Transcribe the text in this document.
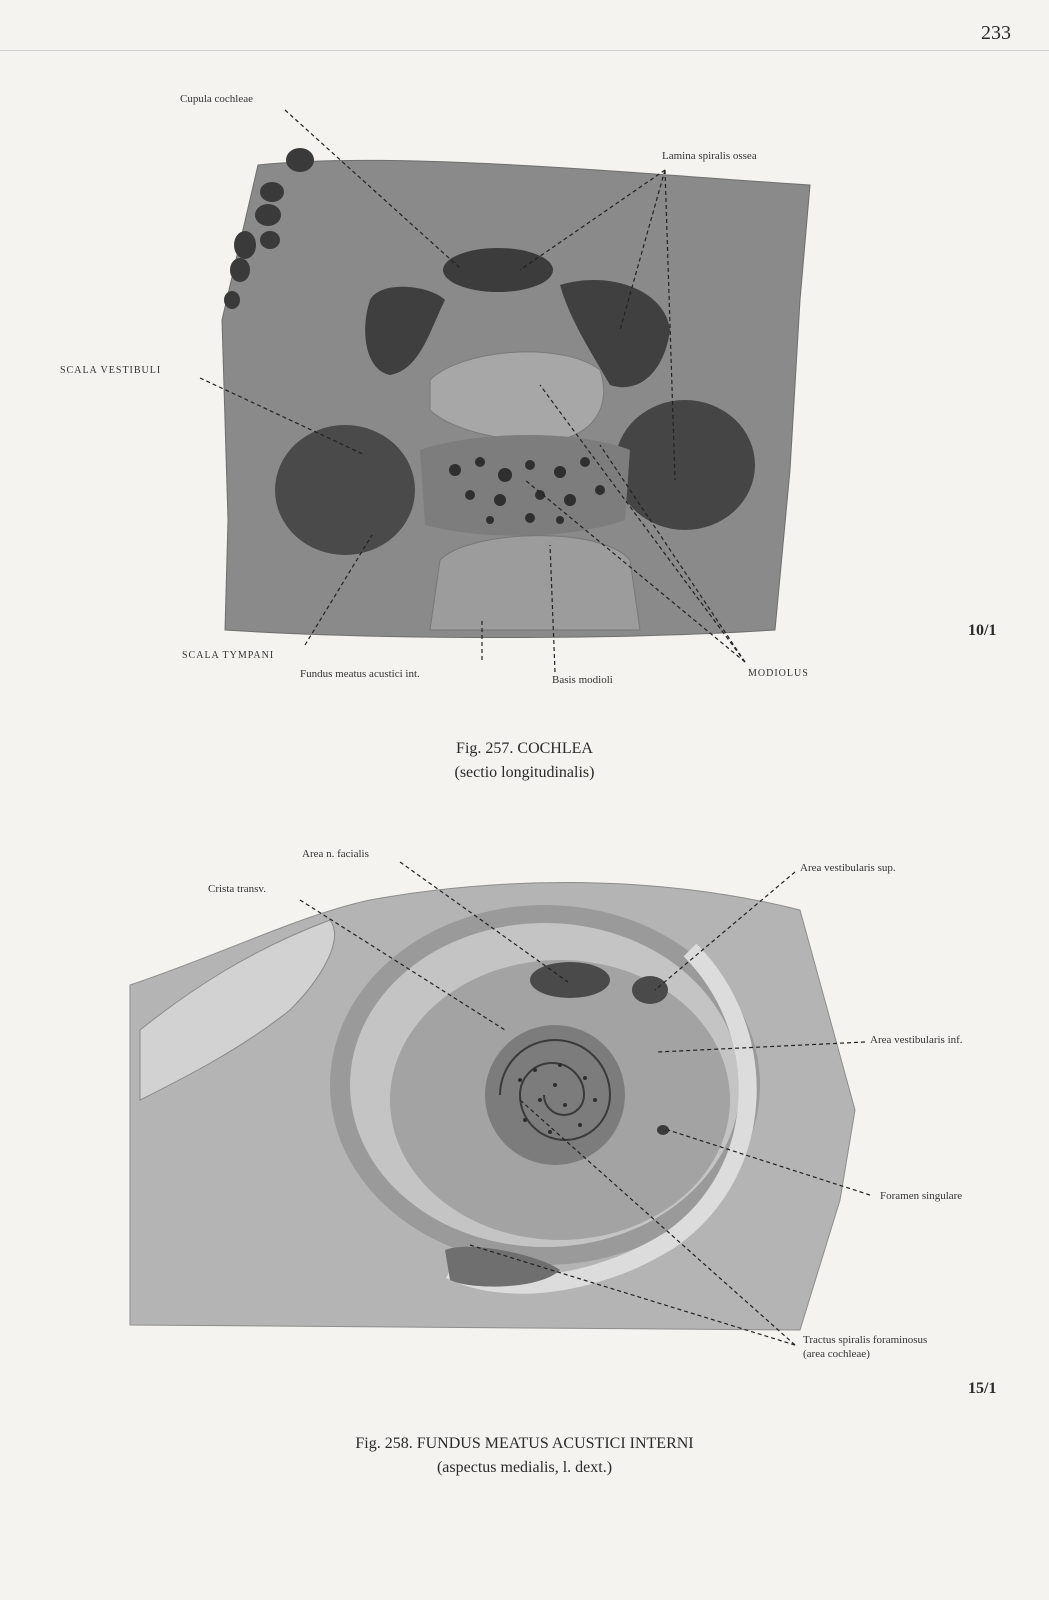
233
Cupula cochleae
Lamina spiralis ossea
SCALA VESTIBULI
SCALA TYMPANI
Fundus meatus acustici int.	Basis modioli
MODIOLUS
10/1
Fig. 257. COCHLEA
(sectio longitudinalis)
Area n. facialis
Crista transv.
Area vestibularis sup.
Area vestibularis inf.
Foramen singulare
Tractus spiralis foraminosus
(area cochleae)
15/1
Fig. 258. FUNDUS MEATUS ACUSTICI INTERNI
(aspectus medialis, l. dext.)
